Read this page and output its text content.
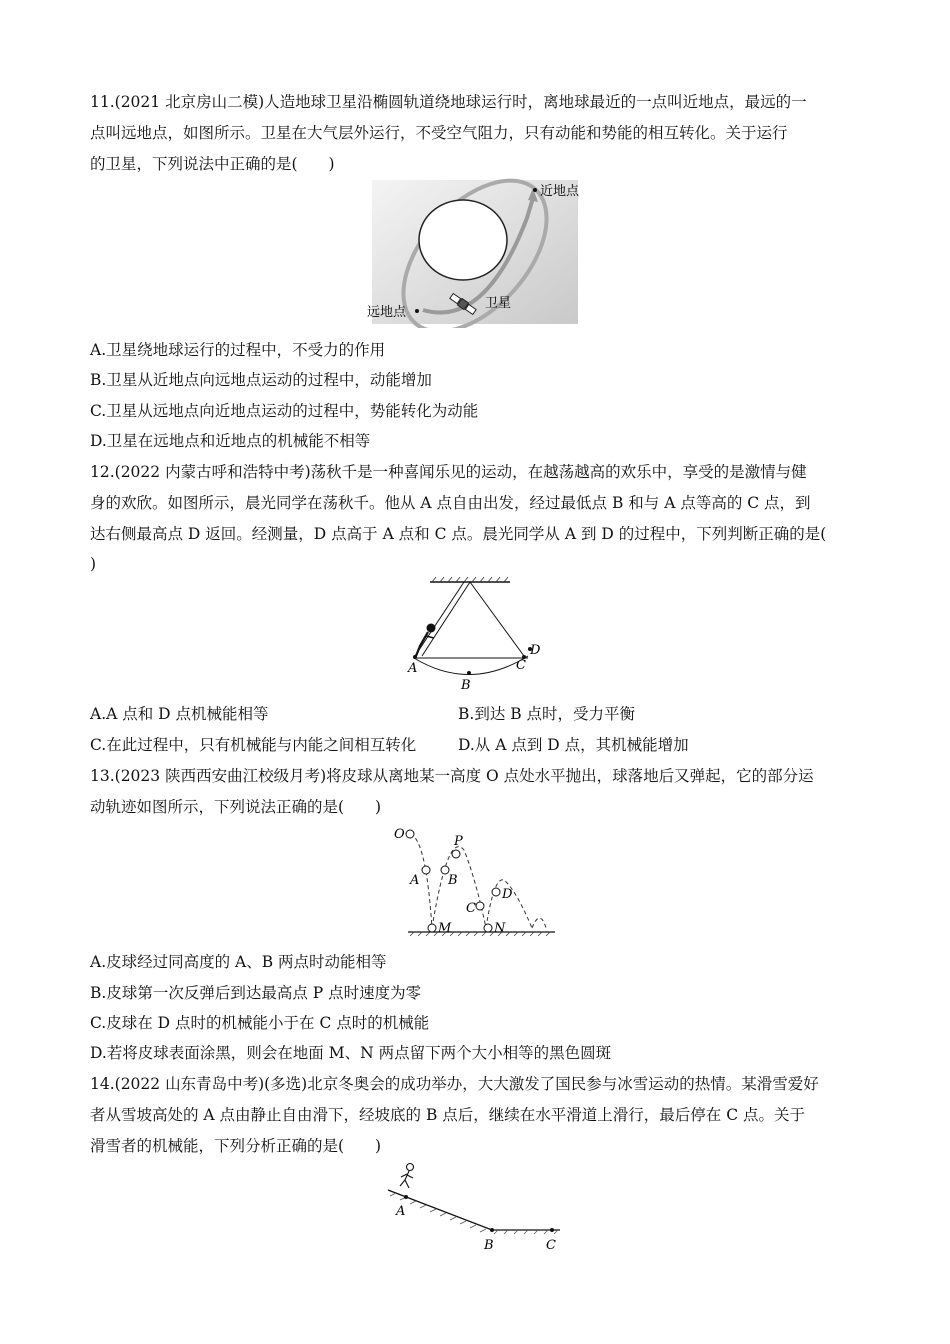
11.(2021 北京房山二模)人造地球卫星沿椭圆轨道绕地球运行时，离地球最近的一点叫近地点，最远的一
点叫远地点，如图所示。卫星在大气层外运行，不受空气阻力，只有动能和势能的相互转化。关于运行
的卫星，下列说法中正确的是(　　)
近地点
远地点
卫星
A.卫星绕地球运行的过程中，不受力的作用
B.卫星从近地点向远地点运动的过程中，动能增加
C.卫星从远地点向近地点运动的过程中，势能转化为动能
D.卫星在远地点和近地点的机械能不相等
12.(2022 内蒙古呼和浩特中考)荡秋千是一种喜闻乐见的运动，在越荡越高的欢乐中，享受的是激情与健
身的欢欣。如图所示，晨光同学在荡秋千。他从 A 点自由出发，经过最低点 B 和与 A 点等高的 C 点，到
达右侧最高点 D 返回。经测量，D 点高于 A 点和 C 点。晨光同学从 A 到 D 的过程中，下列判断正确的是(
)
A
B
C
D
A.A 点和 D 点机械能相等	B.到达 B 点时，受力平衡
C.在此过程中，只有机械能与内能之间相互转化	D.从 A 点到 D 点，其机械能增加
13.(2023 陕西西安曲江校级月考)将皮球从离地某一高度 O 点处水平抛出，球落地后又弹起，它的部分运
动轨迹如图所示，下列说法正确的是(　　)
O	P
A B
C
D
M	N
A.皮球经过同高度的 A、B 两点时动能相等
B.皮球第一次反弹后到达最高点 P 点时速度为零
C.皮球在 D 点时的机械能小于在 C 点时的机械能
D.若将皮球表面涂黑，则会在地面 M、N 两点留下两个大小相等的黑色圆斑
14.(2022 山东青岛中考)(多选)北京冬奥会的成功举办，大大激发了国民参与冰雪运动的热情。某滑雪爱好
者从雪坡高处的 A 点由静止自由滑下，经坡底的 B 点后，继续在水平滑道上滑行，最后停在 C 点。关于
滑雪者的机械能，下列分析正确的是(　　)
A
B	C
